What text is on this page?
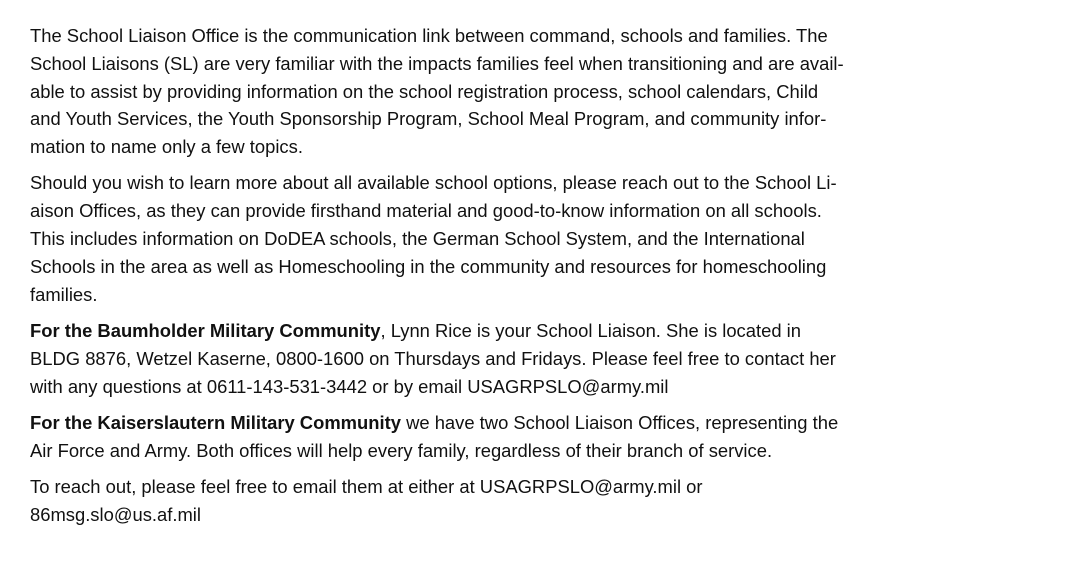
The School Liaison Office is the communication link between command, schools and families. The
School Liaisons (SL) are very familiar with the impacts families feel when transitioning and are avail-
able to assist by providing information on the school registration process, school calendars, Child
and Youth Services, the Youth Sponsorship Program, School Meal Program, and community infor-
mation to name only a few topics.
Should you wish to learn more about all available school options, please reach out to the School Li-
aison Offices, as they can provide firsthand material and good-to-know information on all schools.
This includes information on DoDEA schools, the German School System, and the International
Schools in the area as well as Homeschooling in the community and resources for homeschooling
families.
For the Baumholder Military Community, Lynn Rice is your School Liaison. She is located in
BLDG 8876, Wetzel Kaserne, 0800-1600 on Thursdays and Fridays. Please feel free to contact her
with any questions at 0611-143-531-3442 or by email USAGRPSLO@army.mil
For the Kaiserslautern Military Community we have two School Liaison Offices, representing the
Air Force and Army. Both offices will help every family, regardless of their branch of service.
To reach out, please feel free to email them at either at USAGRPSLO@army.mil or
86msg.slo@us.af.mil
